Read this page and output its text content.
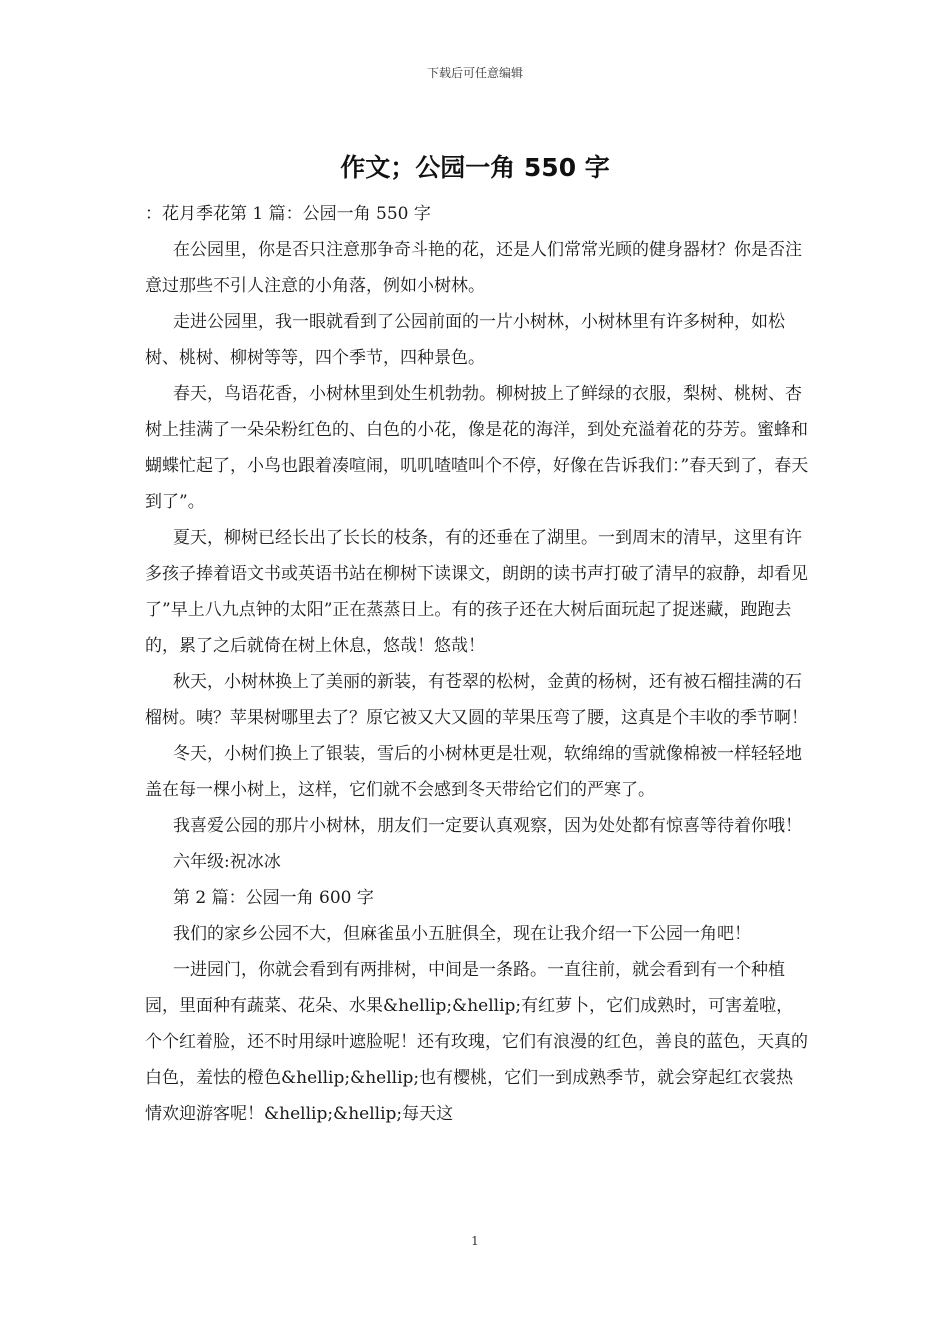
下载后可任意编辑
作文；公园一角 550 字

：花月季花第 1 篇：公园一角 550 字

在公园里，你是否只注意那争奇斗艳的花，还是人们常常光顾的健身器材？你是否注意过那些不引人注意的小角落，例如小树林。

走进公园里，我一眼就看到了公园前面的一片小树林，小树林里有许多树种，如松树、桃树、柳树等等，四个季节，四种景色。

春天，鸟语花香，小树林里到处生机勃勃。柳树披上了鲜绿的衣服，梨树、桃树、杏树上挂满了一朵朵粉红色的、白色的小花，像是花的海洋，到处充溢着花的芬芳。蜜蜂和蝴蝶忙起了，小鸟也跟着凑喧闹，叽叽喳喳叫个不停，好像在告诉我们：”春天到了，春天到了”。

夏天，柳树已经长出了长长的枝条，有的还垂在了湖里。一到周末的清早，这里有许多孩子捧着语文书或英语书站在柳树下读课文，朗朗的读书声打破了清早的寂静，却看见了”早上八九点钟的太阳”正在蒸蒸日上。有的孩子还在大树后面玩起了捉迷藏，跑跑去的，累了之后就倚在树上休息，悠哉！悠哉！

秋天，小树林换上了美丽的新装，有苍翠的松树，金黄的杨树，还有被石榴挂满的石榴树。咦？苹果树哪里去了？原它被又大又圆的苹果压弯了腰，这真是个丰收的季节啊！

冬天，小树们换上了银装，雪后的小树林更是壮观，软绵绵的雪就像棉被一样轻轻地盖在每一棵小树上，这样，它们就不会感到冬天带给它们的严寒了。

我喜爱公园的那片小树林，朋友们一定要认真观察，因为处处都有惊喜等待着你哦！

六年级:祝冰冰

第 2 篇：公园一角 600 字

我们的家乡公园不大，但麻雀虽小五脏俱全，现在让我介绍一下公园一角吧！

一进园门，你就会看到有两排树，中间是一条路。一直往前，就会看到有一个种植园，里面种有蔬菜、花朵、水果&hellip;&hellip;有红萝卜，它们成熟时，可害羞啦，个个红着脸，还不时用绿叶遮脸呢！还有玫瑰，它们有浪漫的红色，善良的蓝色，天真的白色，羞怯的橙色&hellip;&hellip;也有樱桃，它们一到成熟季节，就会穿起红衣裳热情欢迎游客呢！&hellip;&hellip;每天这

1
